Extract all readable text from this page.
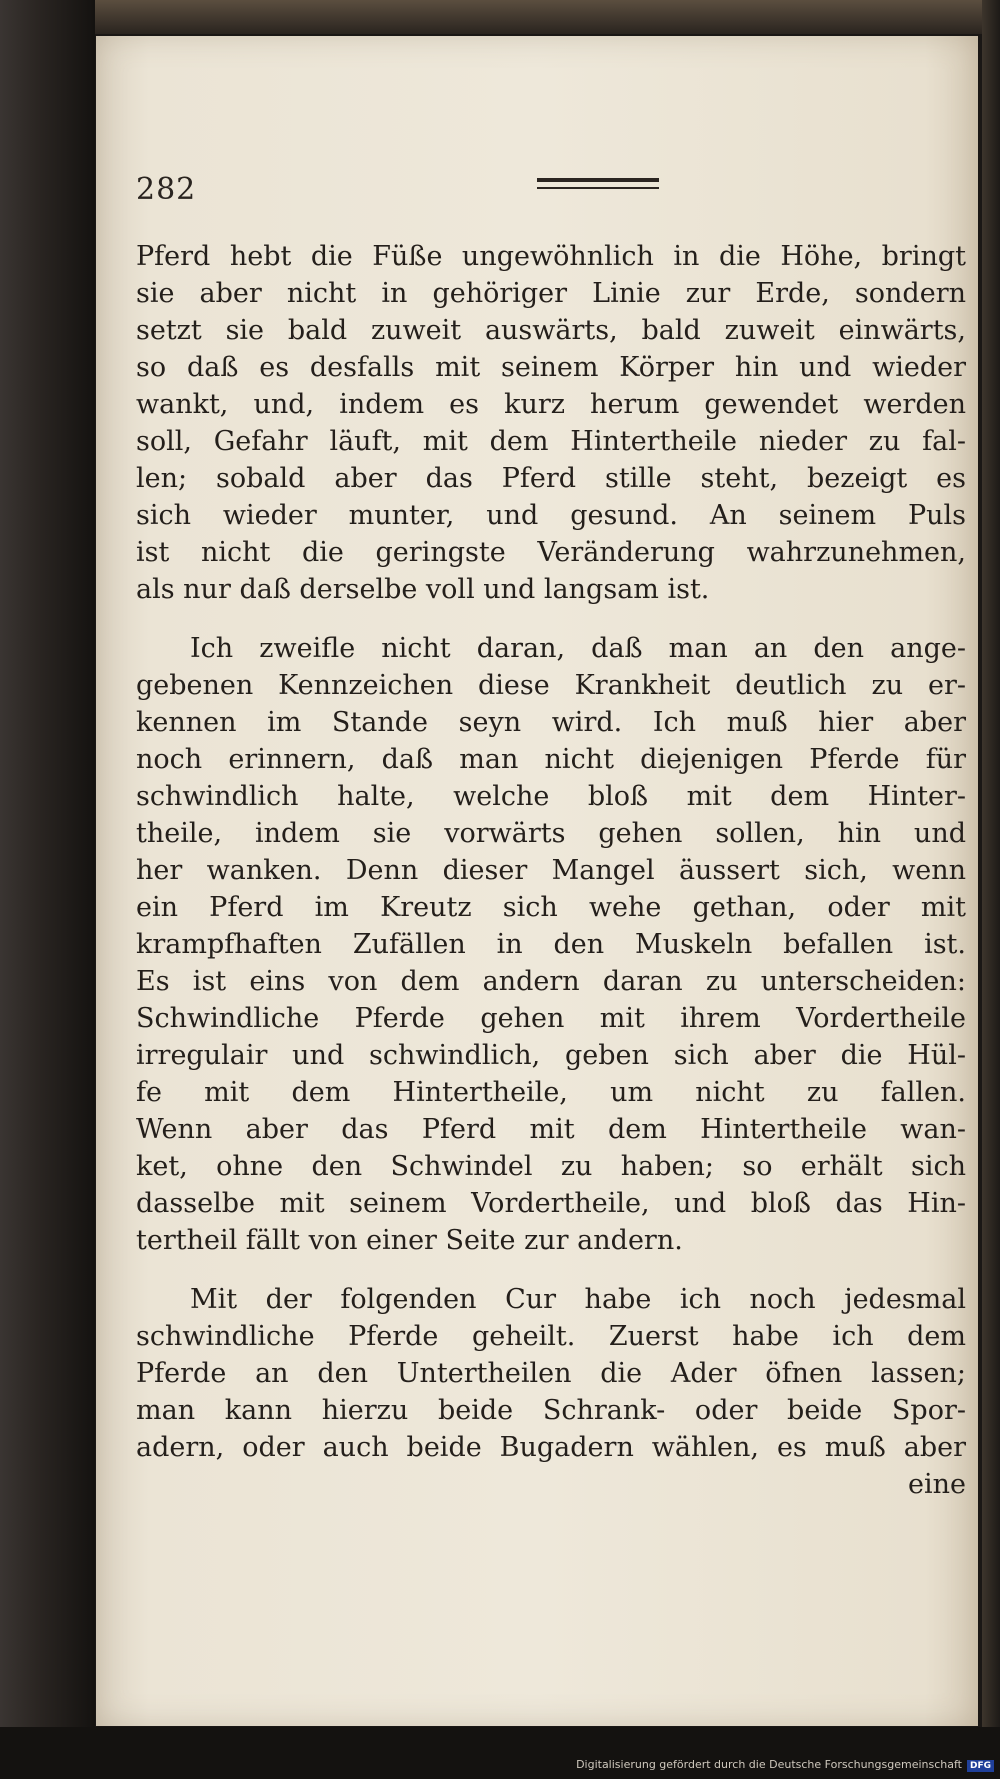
282
Pferd hebt die Füße ungewöhnlich in die Höhe, bringt
sie aber nicht in gehöriger Linie zur Erde, sondern
setzt sie bald zuweit auswärts, bald zuweit einwärts,
so daß es desfalls mit seinem Körper hin und wieder
wankt, und, indem es kurz herum gewendet werden
soll, Gefahr läuft, mit dem Hintertheile nieder zu fal-
len; sobald aber das Pferd stille steht, bezeigt es
sich wieder munter, und gesund. An seinem Puls
ist nicht die geringste Veränderung wahrzunehmen,
als nur daß derselbe voll und langsam ist.
Ich zweifle nicht daran, daß man an den ange-
gebenen Kennzeichen diese Krankheit deutlich zu er-
kennen im Stande seyn wird. Ich muß hier aber
noch erinnern, daß man nicht diejenigen Pferde für
schwindlich halte, welche bloß mit dem Hinter-
theile, indem sie vorwärts gehen sollen, hin und
her wanken. Denn dieser Mangel äussert sich, wenn
ein Pferd im Kreutz sich wehe gethan, oder mit
krampfhaften Zufällen in den Muskeln befallen ist.
Es ist eins von dem andern daran zu unterscheiden:
Schwindliche Pferde gehen mit ihrem Vordertheile
irregulair und schwindlich, geben sich aber die Hül-
fe mit dem Hintertheile, um nicht zu fallen.
Wenn aber das Pferd mit dem Hintertheile wan-
ket, ohne den Schwindel zu haben; so erhält sich
dasselbe mit seinem Vordertheile, und bloß das Hin-
tertheil fällt von einer Seite zur andern.
Mit der folgenden Cur habe ich noch jedesmal
schwindliche Pferde geheilt. Zuerst habe ich dem
Pferde an den Untertheilen die Ader öfnen lassen;
man kann hierzu beide Schrank- oder beide Spor-
adern, oder auch beide Bugadern wählen, es muß aber
eine
Digitalisierung gefördert durch die Deutsche Forschungsgemeinschaft DFG
